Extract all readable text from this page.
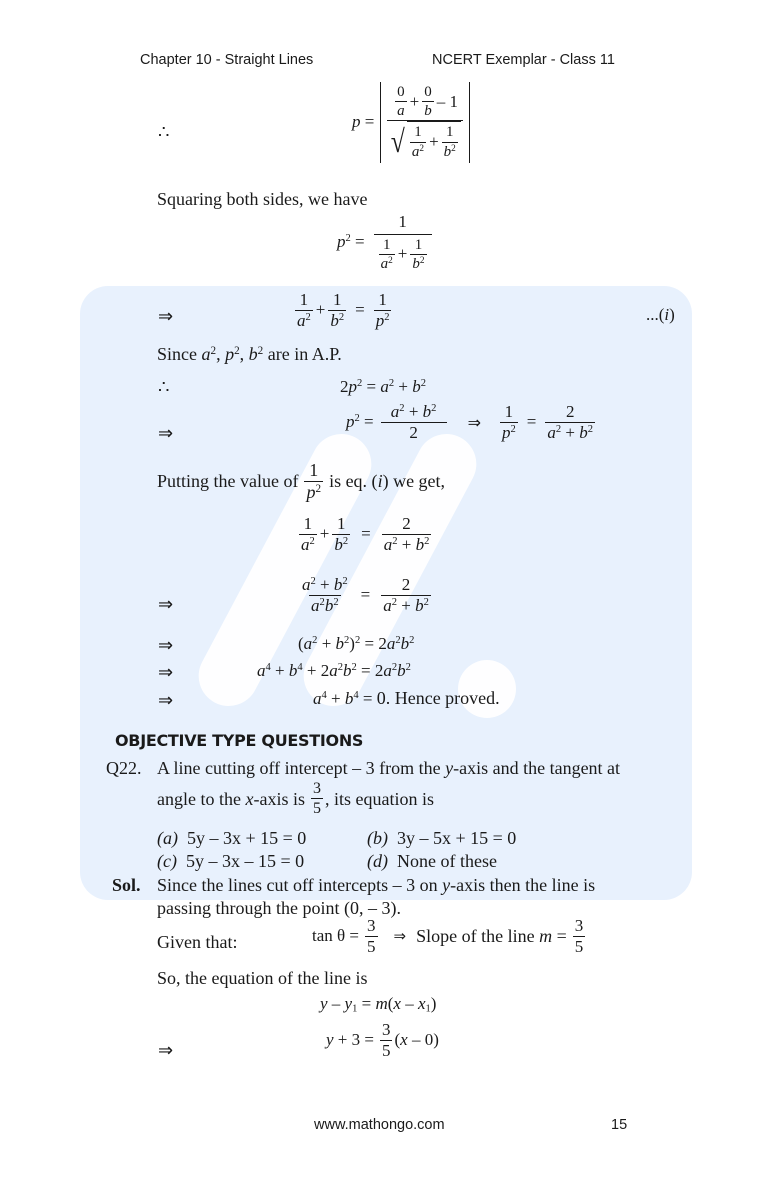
Chapter 10 - Straight Lines	NCERT Exemplar - Class 11
∴
$p = \frac{\frac{0}{a} + \frac{0}{b} - 1}{√ \frac{1}{a^2} + \frac{1}{b^2}}$
Squaring both sides, we have
$p^2 = \frac{1}{\frac{1}{a^2} + \frac{1}{b^2}}$
⇒	$\frac{1}{a^2} + \frac{1}{b^2} = \frac{1}{p^2}$	...(i)
Since $a^2$, $p^2$, $b^2$ are in A.P.
∴	$2p^2 = a^2 + b^2$
⇒
$p^2 = \frac{a^2 + b^2}{2}$ ⇒ $\frac{1}{p^2} = \frac{2}{a^2 + b^2}$
Putting the value of $\frac{1}{p^2}$ is eq. (i) we get,
$\frac{1}{a^2} + \frac{1}{b^2} = \frac{2}{a^2 + b^2}$
⇒	$\frac{a^2 + b^2}{a^2b^2} = \frac{2}{a^2 + b^2}$
⇒	$(a^2 + b^2)^2 = 2a^2b^2$
⇒	$a^4 + b^4 + 2a^2b^2 = 2a^2b^2$
⇒	$a^4 + b^4 = 0$. Hence proved.
OBJECTIVE TYPE QUESTIONS
Q22. A line cutting off intercept – 3 from the y-axis and the tangent at
angle to the x-axis is $\frac{3}{5}$ , its equation is
(a) 5y – 3x + 15 = 0	(b) 3y – 5x + 15 = 0
(c) 5y – 3x – 15 = 0	(d) None of these
Sol. Since the lines cut off intercepts – 3 on y-axis then the line is
passing through the point (0, – 3).
Given that:	$\tan \theta = \frac{3}{5}$ ⇒ Slope of the line $m = \frac{3}{5}$
So, the equation of the line is
$y - y_1 = m(x - x_1)$
⇒
$y + 3 = \frac{3}{5} (x - 0)$
www.mathongo.com	15
